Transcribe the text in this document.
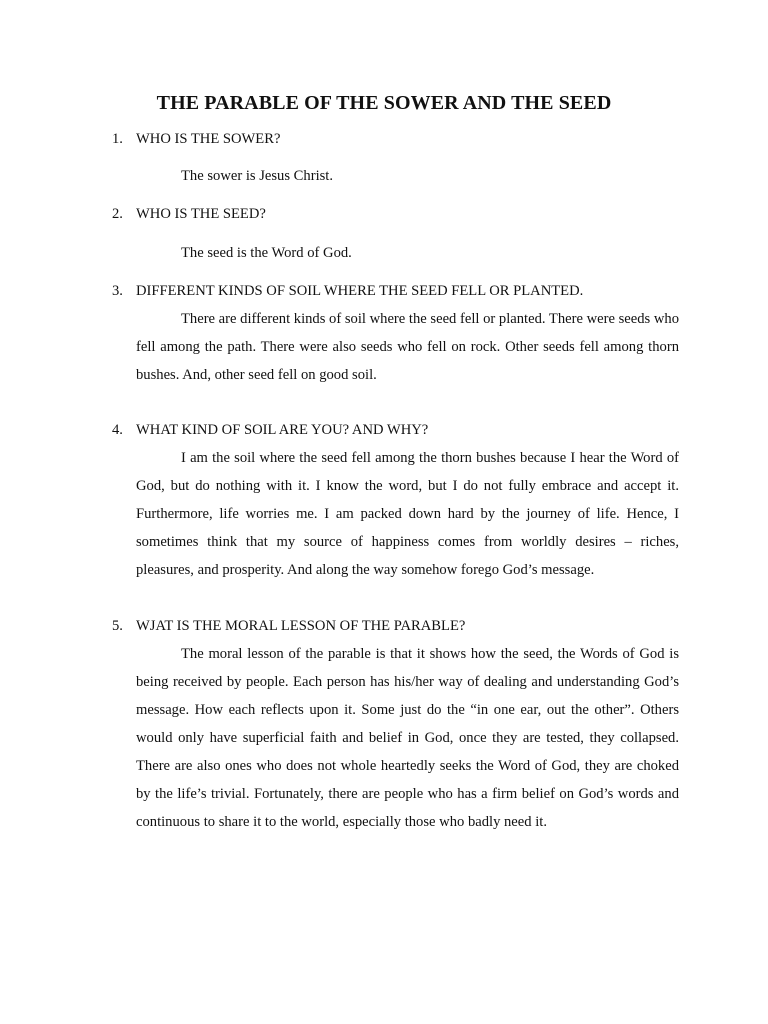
THE PARABLE OF THE SOWER AND THE SEED
1. WHO IS THE SOWER?
The sower is Jesus Christ.
2. WHO IS THE SEED?
The seed is the Word of God.
3. DIFFERENT KINDS OF SOIL WHERE THE SEED FELL OR PLANTED.

There are different kinds of soil where the seed fell or planted. There were seeds who fell among the path. There were also seeds who fell on rock. Other seeds fell among thorn bushes. And, other seed fell on good soil.

4. WHAT KIND OF SOIL ARE YOU? AND WHY?

I am the soil where the seed fell among the thorn bushes because I hear the Word of God, but do nothing with it. I know the word, but I do not fully embrace and accept it. Furthermore, life worries me. I am packed down hard by the journey of life. Hence, I sometimes think that my source of happiness comes from worldly desires – riches, pleasures, and prosperity. And along the way somehow forego God’s message.

5. WJAT IS THE MORAL LESSON OF THE PARABLE?

The moral lesson of the parable is that it shows how the seed, the Words of God is being received by people. Each person has his/her way of dealing and understanding God’s message. How each reflects upon it. Some just do the “in one ear, out the other”. Others would only have superficial faith and belief in God, once they are tested, they collapsed. There are also ones who does not whole heartedly seeks the Word of God, they are choked by the life’s trivial. Fortunately, there are people who has a firm belief on God’s words and continuous to share it to the world, especially those who badly need it.
